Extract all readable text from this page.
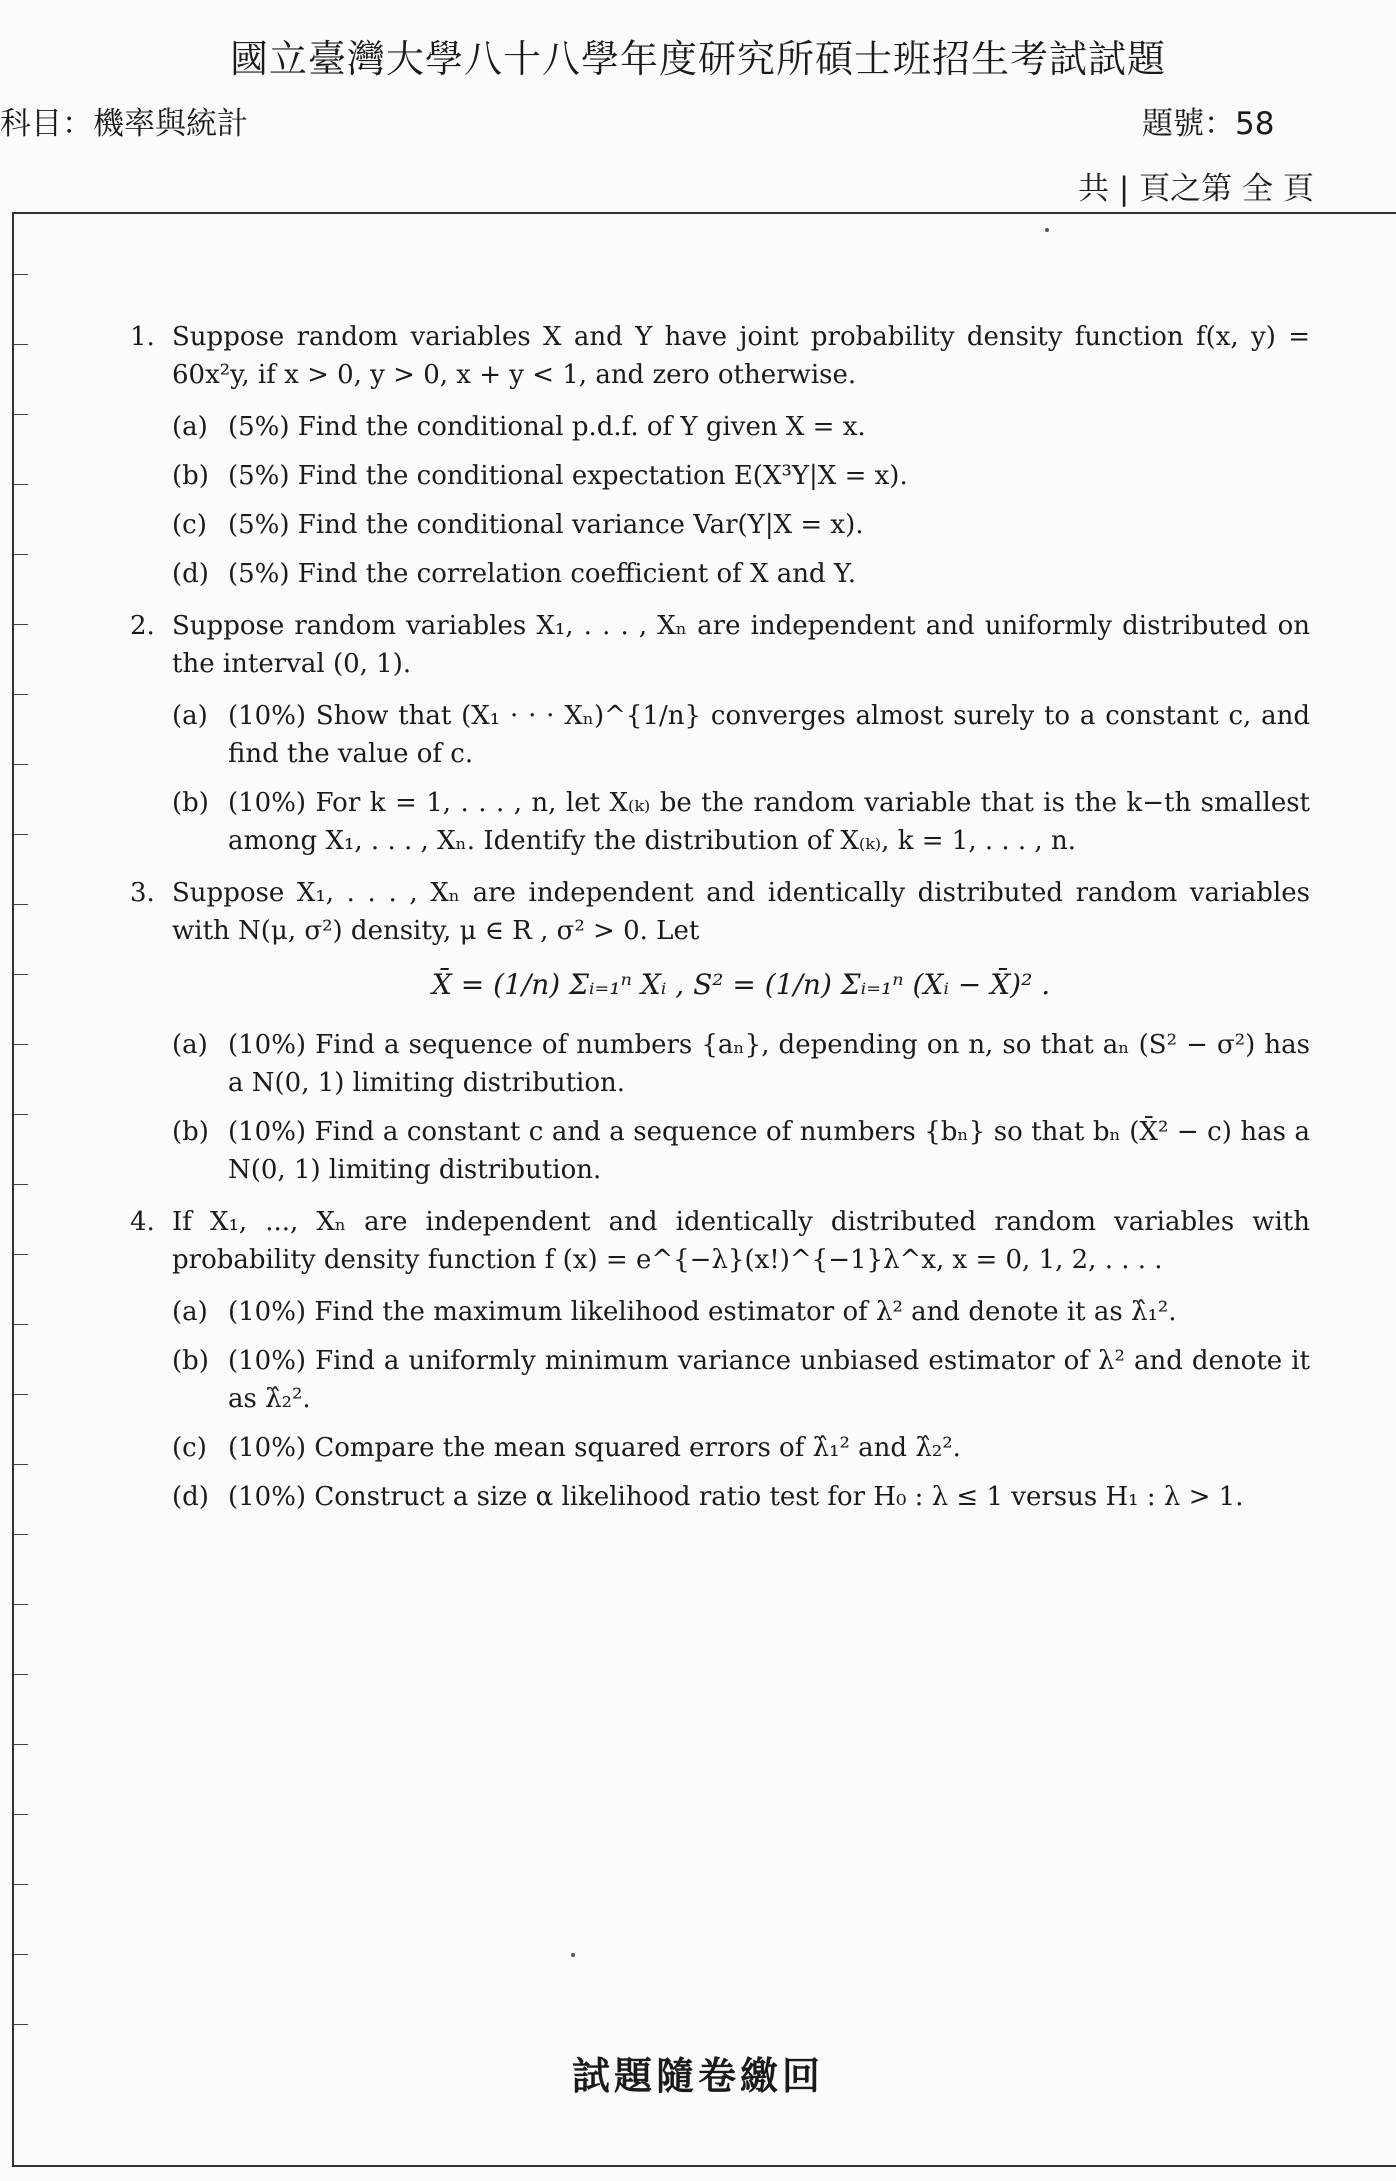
國立臺灣大學八十八學年度研究所碩士班招生考試試題
科目：機率與統計	題號：58
共 | 頁之第 全 頁
1. Suppose random variables X and Y have joint probability density function f(x, y) = 60x²y, if x > 0, y > 0, x + y < 1, and zero otherwise.
(a) (5%) Find the conditional p.d.f. of Y given X = x.
(b) (5%) Find the conditional expectation E(X³Y|X = x).
(c) (5%) Find the conditional variance Var(Y|X = x).
(d) (5%) Find the correlation coefficient of X and Y.
2. Suppose random variables X₁, . . . , Xₙ are independent and uniformly distributed on the interval (0, 1).
(a) (10%) Show that (X₁ · · · Xₙ)^{1/n} converges almost surely to a constant c, and find the value of c.
(b) (10%) For k = 1, . . . , n, let X₍ₖ₎ be the random variable that is the k−th smallest among X₁, . . . , Xₙ. Identify the distribution of X₍ₖ₎, k = 1, . . . , n.
3. Suppose X₁, . . . , Xₙ are independent and identically distributed random variables with N(μ, σ²) density, μ ∈ R , σ² > 0. Let
X̄ = (1/n) Σᵢ₌₁ⁿ Xᵢ , S² = (1/n) Σᵢ₌₁ⁿ (Xᵢ − X̄)² .
(a) (10%) Find a sequence of numbers {aₙ}, depending on n, so that aₙ (S² − σ²) has a N(0, 1) limiting distribution.
(b) (10%) Find a constant c and a sequence of numbers {bₙ} so that bₙ (X̄² − c) has a N(0, 1) limiting distribution.
4. If X₁, ..., Xₙ are independent and identically distributed random variables with probability density function f (x) = e^{−λ}(x!)^{−1}λ^x, x = 0, 1, 2, . . . .
(a) (10%) Find the maximum likelihood estimator of λ² and denote it as λ̂₁².
(b) (10%) Find a uniformly minimum variance unbiased estimator of λ² and denote it as λ̂₂².
(c) (10%) Compare the mean squared errors of λ̂₁² and λ̂₂².
(d) (10%) Construct a size α likelihood ratio test for H₀ : λ ≤ 1 versus H₁ : λ > 1.
試題隨卷繳回
